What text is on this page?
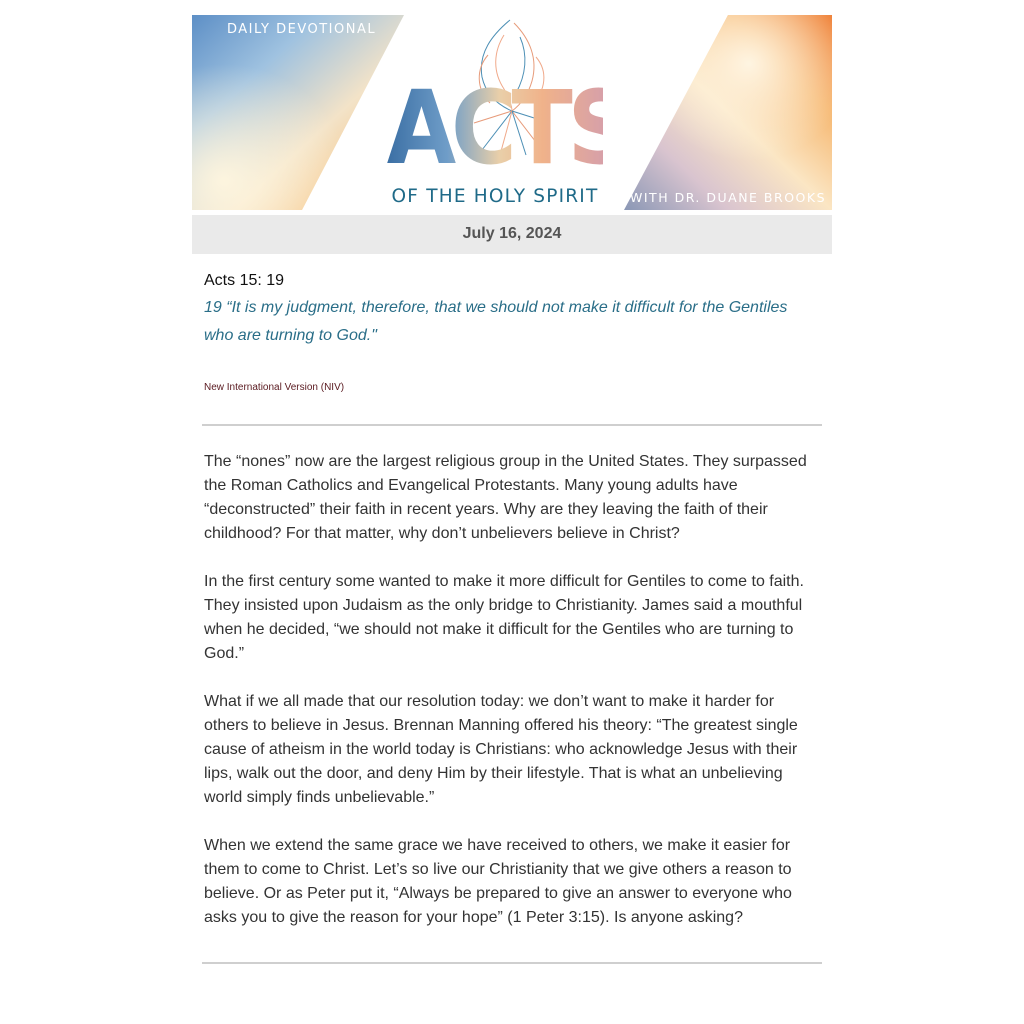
DAILY DEVOTIONAL
ACTS
OF THE HOLY SPIRIT	WITH DR. DUANE BROOKS
July 16, 2024
Acts 15: 19
19 “It is my judgment, therefore, that we should not make it difficult for the Gentiles who are turning to God."
New International Version (NIV)

The “nones” now are the largest religious group in the United States. They surpassed the Roman Catholics and Evangelical Protestants. Many young adults have “deconstructed” their faith in recent years. Why are they leaving the faith of their childhood? For that matter, why don’t unbelievers believe in Christ?

In the first century some wanted to make it more difficult for Gentiles to come to faith. They insisted upon Judaism as the only bridge to Christianity. James said a mouthful when he decided, “we should not make it difficult for the Gentiles who are turning to God.”

What if we all made that our resolution today: we don’t want to make it harder for others to believe in Jesus. Brennan Manning offered his theory: “The greatest single cause of atheism in the world today is Christians: who acknowledge Jesus with their lips, walk out the door, and deny Him by their lifestyle. That is what an unbelieving world simply finds unbelievable.”

When we extend the same grace we have received to others, we make it easier for them to come to Christ. Let’s so live our Christianity that we give others a reason to believe. Or as Peter put it, “Always be prepared to give an answer to everyone who asks you to give the reason for your hope” (1 Peter 3:15). Is anyone asking?
